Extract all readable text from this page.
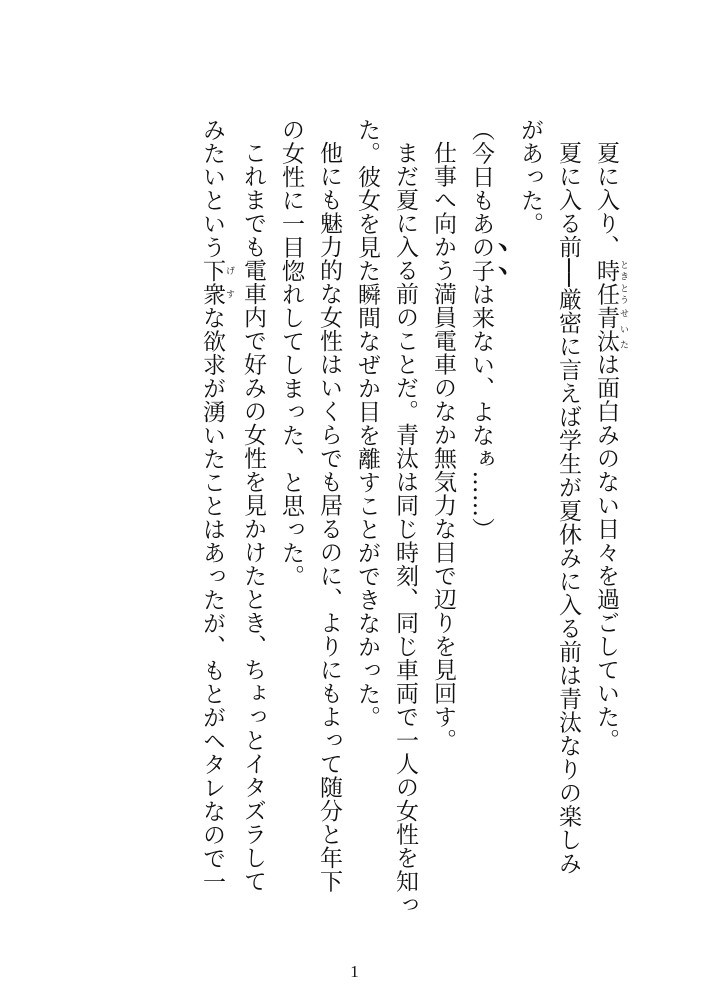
夏に入り、時任 ときとう青汰 せいたは面白みのない日々を過ごしていた。
夏に入る前──厳密に言えば学生が夏休みに入る前は青汰なりの楽しみ
があった。
（今日もあの子は来ない、よなぁ……）
仕事へ向かう満員電車のなか無気力な目で辺りを見回す。
まだ夏に入る前のことだ。青汰は同じ時刻、同じ車両で一人の女性を知っ
た。彼女を見た瞬間なぜか目を離すことができなかった。
他にも魅力的な女性はいくらでも居るのに、よりにもよって随分と年下
の女性に一目惚れしてしまった、と思った。
これまでも電車内で好みの女性を見かけたとき、ちょっとイタズラして
みたいという下衆 げすな欲求が湧いたことはあったが、もとがヘタレなので一
1
